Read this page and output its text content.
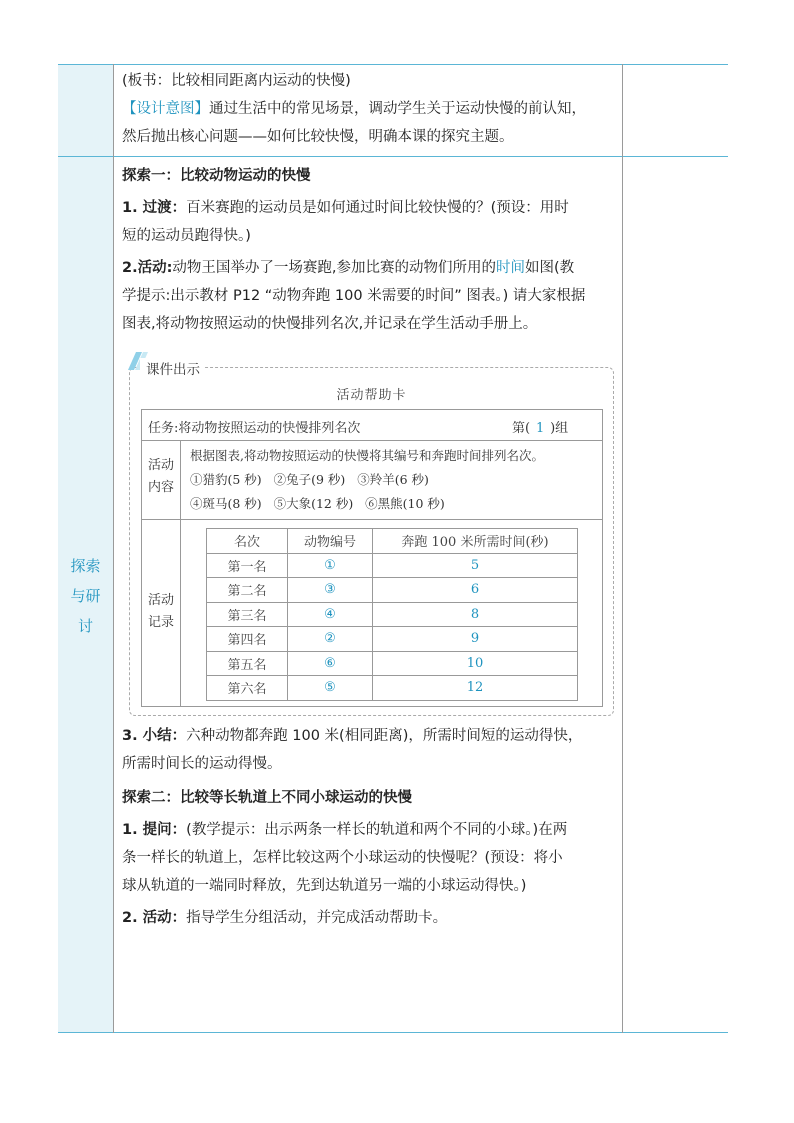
探索
与研
讨

(板书：比较相同距离内运动的快慢)

【设计意图】通过生活中的常见场景，调动学生关于运动快慢的前认知，

然后抛出核心问题——如何比较快慢，明确本课的探究主题。

探索一：比较动物运动的快慢

1. 过渡：百米赛跑的运动员是如何通过时间比较快慢的？(预设：用时

短的运动员跑得快。)

2.活动:动物王国举办了一场赛跑,参加比赛的动物们所用的时间如图(教

学提示:出示教材 P12 “动物奔跑 100 米需要的时间” 图表。) 请大家根据

图表,将动物按照运动的快慢排列名次,并记录在学生活动手册上。

3. 小结：六种动物都奔跑 100 米(相同距离)，所需时间短的运动得快，

所需时间长的运动得慢。

探索二：比较等长轨道上不同小球运动的快慢

1. 提问：(教学提示：出示两条一样长的轨道和两个不同的小球。)在两

条一样长的轨道上，怎样比较这两个小球运动的快慢呢？(预设：将小

球从轨道的一端同时释放，先到达轨道另一端的小球运动得快。)

2. 活动：指导学生分组活动，并完成活动帮助卡。

课件出示
活动帮助卡
任务:将动物按照运动的快慢排列名次	第( 1 )组
活动
内容
根据图表,将动物按照运动的快慢将其编号和奔跑时间排列名次。
①猎豹(5 秒)   ②兔子(9 秒)   ③羚羊(6 秒)
④斑马(8 秒)   ⑤大象(12 秒)   ⑥黑熊(10 秒)
活动
记录
名次	动物编号	奔跑 100 米所需时间(秒)
第一名	①	5
第二名	③	6
第三名	④	8
第四名	②	9
第五名	⑥	10
第六名	⑤	12
